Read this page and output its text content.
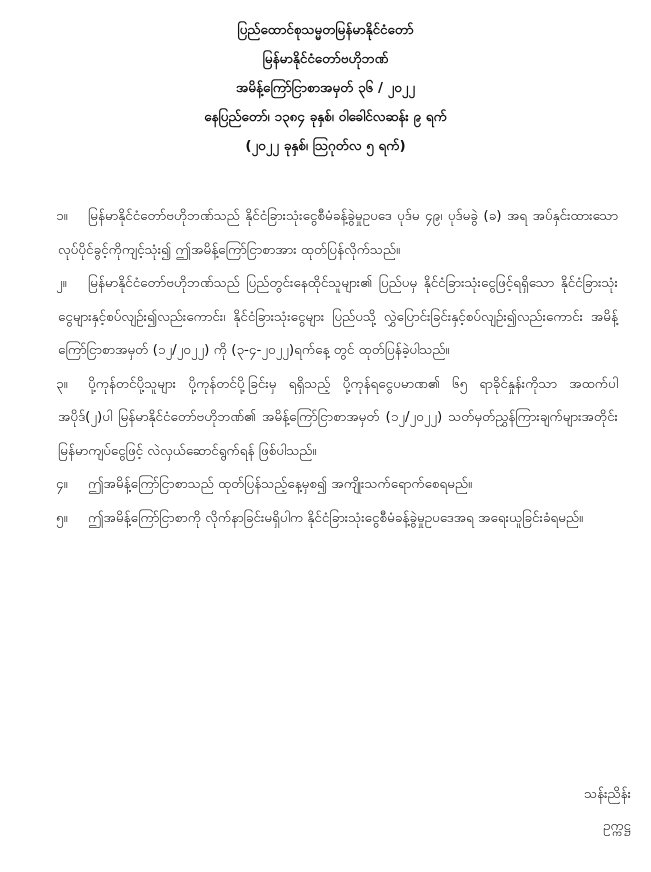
ပြည်ထောင်စုသမ္မတမြန်မာနိုင်ငံတော်
မြန်မာနိုင်ငံတော်ဗဟိုဘဏ်
အမိန့်ကြော်ငြာစာအမှတ် ၃၆ / ၂၀၂၂
နေပြည်တော်၊ ၁၃၈၄ ခုနှစ်၊ ဝါခေါင်လဆန်း ၉ ရက်
(၂၀၂၂ ခုနှစ်၊ ဩဂုတ်လ ၅ ရက်)

၁။ မြန်မာနိုင်ငံတော်ဗဟိုဘဏ်သည် နိုင်ငံခြားသုံးငွေစီမံခန့်ခွဲမှုဥပဒေ ပုဒ်မ ၄၉၊ ပုဒ်မခွဲ (ခ) အရ အပ်နှင်းထားသော လုပ်ပိုင်ခွင့်ကိုကျင့်သုံး၍ ဤအမိန့်ကြော်ငြာစာအား ထုတ်ပြန်လိုက်သည်။

၂။ မြန်မာနိုင်ငံတော်ဗဟိုဘဏ်သည် ပြည်တွင်းနေထိုင်သူများ၏ ပြည်ပမှ နိုင်ငံခြားသုံးငွေဖြင့်ရရှိသော နိုင်ငံခြားသုံးငွေများနှင့်စပ်လျဉ်း၍လည်းကောင်း၊ နိုင်ငံခြားသုံးငွေများ ပြည်ပသို့ လွှဲပြောင်းခြင်းနှင့်စပ်လျဉ်း၍လည်းကောင်း အမိန့်ကြော်ငြာစာအမှတ် (၁၂/၂၀၂၂) ကို (၃-၄-၂၀၂၂)ရက်နေ့ တွင် ထုတ်ပြန်ခဲ့ပါသည်။

၃။ ပို့ကုန်တင်ပို့သူများ ပို့ကုန်တင်ပို့ခြင်းမှ ရရှိသည့် ပို့ကုန်ရငွေပမာဏ၏ ၆၅ ရာခိုင်နှုန်းကိုသာ အထက်ပါအပိုဒ်(၂)ပါ မြန်မာနိုင်ငံတော်ဗဟိုဘဏ်၏ အမိန့်ကြော်ငြာစာအမှတ် (၁၂/၂၀၂၂) သတ်မှတ်ညွှန်ကြားချက်များအတိုင်း မြန်မာကျပ်ငွေဖြင့် လဲလှယ်ဆောင်ရွက်ရန် ဖြစ်ပါသည်။

၄။ ဤအမိန့်ကြော်ငြာစာသည် ထုတ်ပြန်သည့်နေ့မှစ၍ အကျိုးသက်ရောက်စေရမည်။

၅။ ဤအမိန့်ကြော်ငြာစာကို လိုက်နာခြင်းမရှိပါက နိုင်ငံခြားသုံးငွေစီမံခန့်ခွဲမှုဥပဒေအရ အရေးယူခြင်းခံရမည်။

သန်းညိန်း
ဥက္ကဋ္ဌ
